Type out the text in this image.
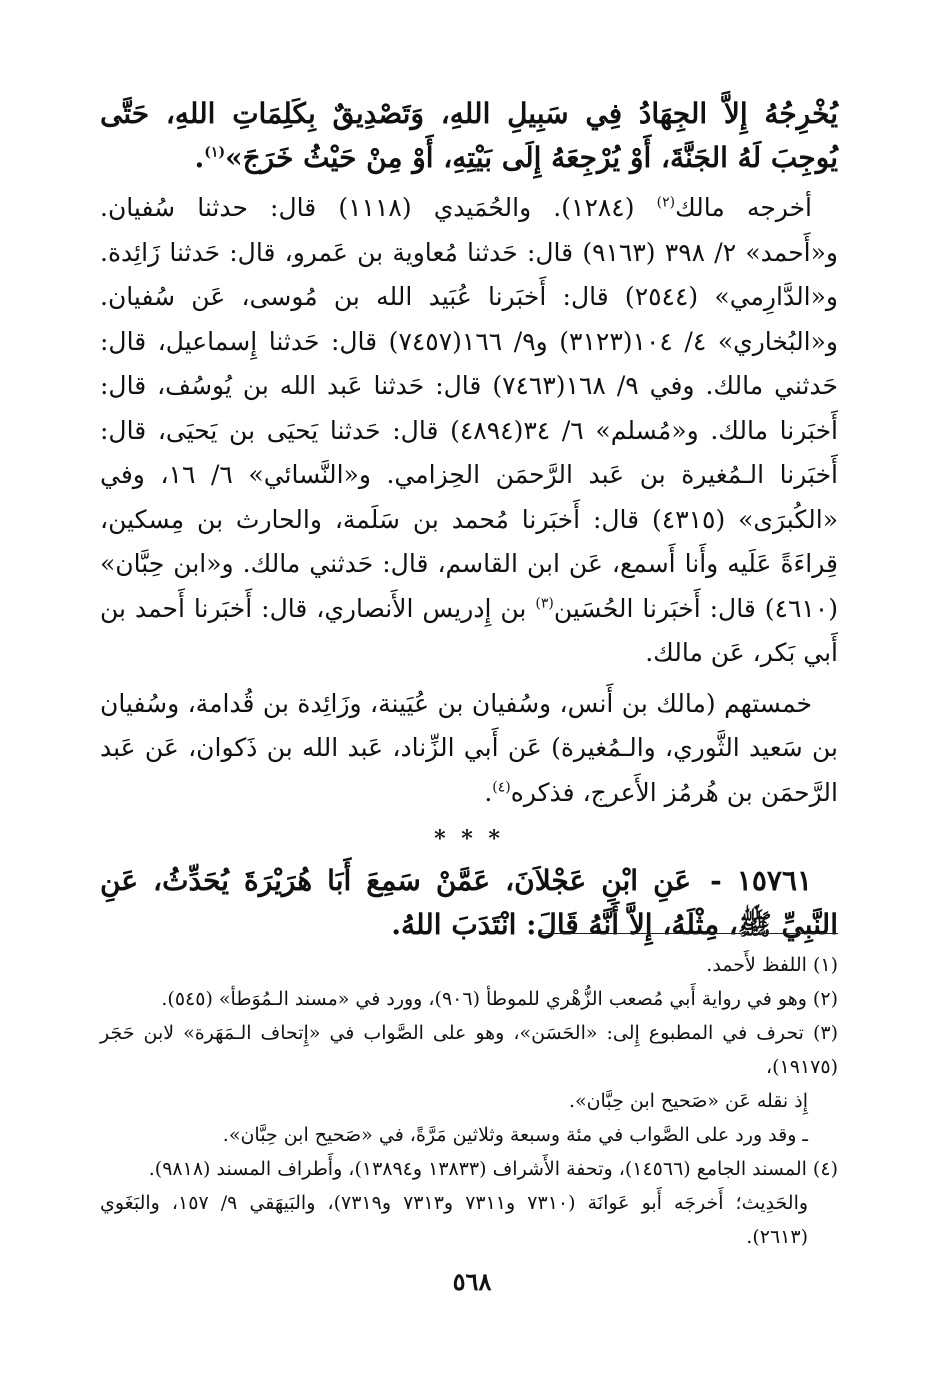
يُخْرِجُهُ إِلاَّ الجِهَادُ فِي سَبِيلِ اللهِ، وَتَصْدِيقٌ بِكَلِمَاتِ اللهِ، حَتَّى يُوجِبَ لَهُ الجَنَّةَ، أَوْ يُرْجِعَهُ إِلَى بَيْتِهِ، أَوْ مِنْ حَيْثُ خَرَجَ»$^{(١)}$.

أخرجه مالك$^{(٢)}$ (١٢٨٤). والحُمَيدي (١١١٨) قال: حدثنا سُفيان. و«أَحمد» ٢/ ٣٩٨ (٩١٦٣) قال: حَدثنا مُعاوية بن عَمرو، قال: حَدثنا زَائِدة. و«الدَّارِمي» (٢٥٤٤) قال: أَخبَرنا عُبَيد الله بن مُوسى، عَن سُفيان. و«البُخاري» ٤/ ١٠٤(٣١٢٣) و٩/ ١٦٦(٧٤٥٧) قال: حَدثنا إِسماعيل، قال: حَدثني مالك. وفي ٩/ ١٦٨(٧٤٦٣) قال: حَدثنا عَبد الله بن يُوسُف، قال: أَخبَرنا مالك. و«مُسلم» ٦/ ٣٤(٤٨٩٤) قال: حَدثنا يَحيَى بن يَحيَى، قال: أَخبَرنا الـمُغيرة بن عَبد الرَّحمَن الحِزامي. و«النَّسائي» ٦/ ١٦، وفي «الكُبرَى» (٤٣١٥) قال: أَخبَرنا مُحمد بن سَلَمة، والحارث بن مِسكين، قِراءَةً عَلَيه وأَنا أَسمع، عَن ابن القاسم، قال: حَدثني مالك. و«ابن حِبَّان» (٤٦١٠) قال: أَخبَرنا الحُسَين$^{(٣)}$ بن إِدريس الأَنصاري، قال: أَخبَرنا أَحمد بن أَبي بَكر، عَن مالك.

خمستهم (مالك بن أَنس، وسُفيان بن عُيَينة، وزَائِدة بن قُدامة، وسُفيان بن سَعيد الثَّوري، والـمُغيرة) عَن أَبي الزِّناد، عَبد الله بن ذَكوان، عَن عَبد الرَّحمَن بن هُرمُز الأَعرج، فذكره$^{(٤)}$.

* * *

١٥٧٦١ - عَنِ ابْنِ عَجْلاَنَ، عَمَّنْ سَمِعَ أَبَا هُرَيْرَةَ يُحَدِّثُ، عَنِ النَّبِيِّ ﷺ، مِثْلَهُ، إِلاَّ أَنَّهُ قَالَ: انْتَدَبَ اللهُ.

(١) اللفظ لأَحمد.

(٢) وهو في رواية أَبي مُصعب الزُّهْري للموطأ (٩٠٦)، وورد في «مسند الـمُوَطأ» (٥٤٥).

(٣) تحرف في المطبوع إِلى: «الحَسَن»، وهو على الصَّواب في «إِتحاف الـمَهَرة» لابن حَجَر (١٩١٧٥)،

إِذ نقله عَن «صَحيح ابن حِبَّان».

ـ وقد ورد على الصَّواب في مئة وسبعة وثلاثين مَرَّةً، في «صَحيح ابن حِبَّان».

(٤) المسند الجامع (١٤٥٦٦)، وتحفة الأَشراف (١٣٨٣٣ و١٣٨٩٤)، وأَطراف المسند (٩٨١٨).

والحَدِيث؛ أَخرجَه أَبو عَوانَة (٧٣١٠ و٧٣١١ و٧٣١٣ و٧٣١٩)، والبَيهَقي ٩/ ١٥٧، والبَغَوي (٢٦١٣).

٥٦٨
